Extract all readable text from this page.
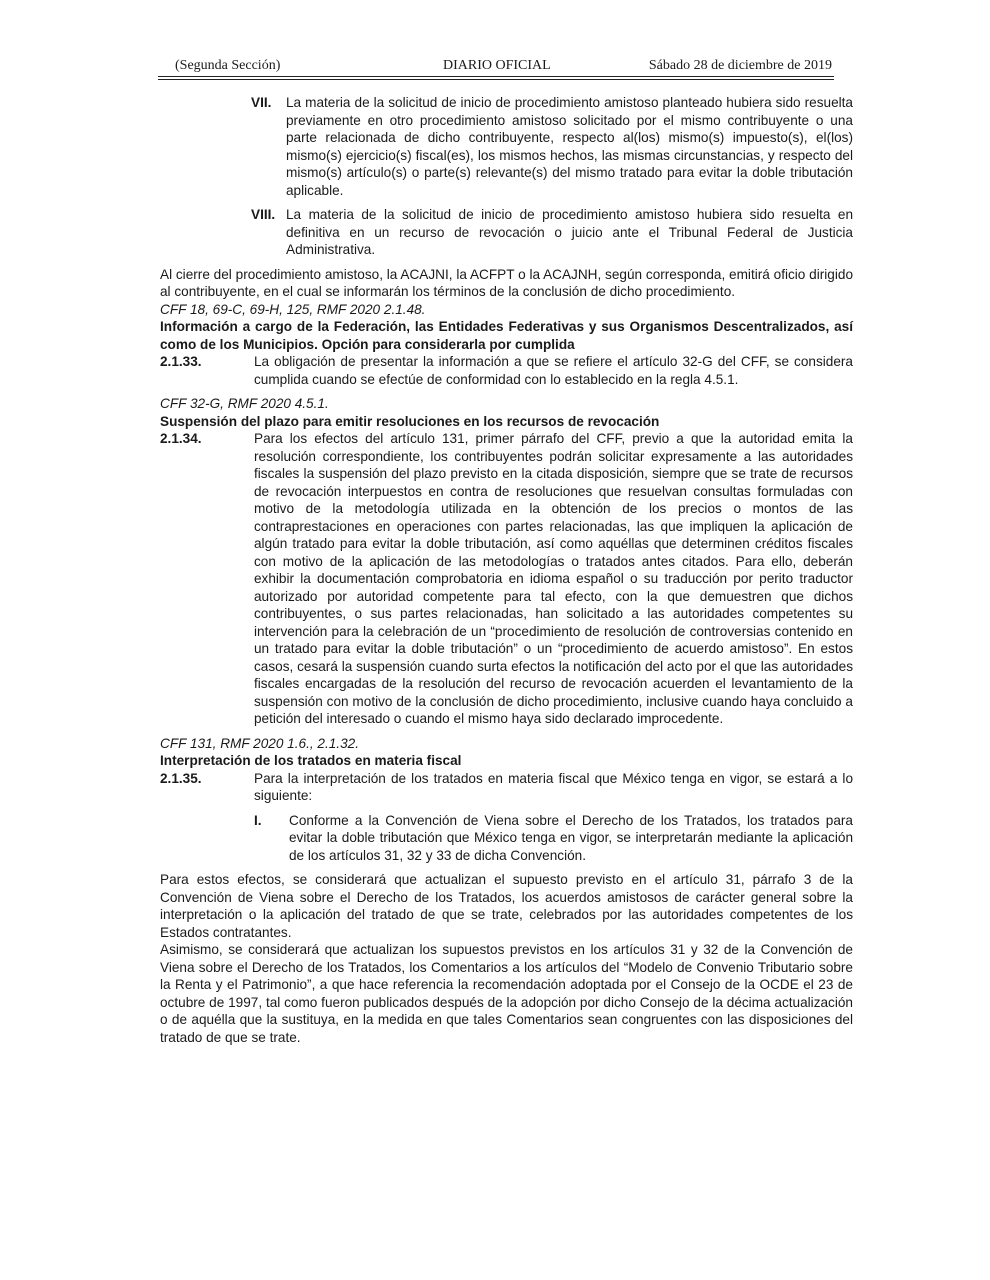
(Segunda Sección)	DIARIO OFICIAL	Sábado 28 de diciembre de 2019
VII.	La materia de la solicitud de inicio de procedimiento amistoso planteado hubiera sido resuelta previamente en otro procedimiento amistoso solicitado por el mismo contribuyente o una parte relacionada de dicho contribuyente, respecto al(los) mismo(s) impuesto(s), el(los) mismo(s) ejercicio(s) fiscal(es), los mismos hechos, las mismas circunstancias, y respecto del mismo(s) artículo(s) o parte(s) relevante(s) del mismo tratado para evitar la doble tributación aplicable.

VIII. La materia de la solicitud de inicio de procedimiento amistoso hubiera sido resuelta en definitiva en un recurso de revocación o juicio ante el Tribunal Federal de Justicia Administrativa.

Al cierre del procedimiento amistoso, la ACAJNI, la ACFPT o la ACAJNH, según corresponda, emitirá oficio dirigido al contribuyente, en el cual se informarán los términos de la conclusión de dicho procedimiento.

CFF 18, 69-C, 69-H, 125, RMF 2020 2.1.48.

Información a cargo de la Federación, las Entidades Federativas y sus Organismos Descentralizados, así como de los Municipios. Opción para considerarla por cumplida

2.1.33.	La obligación de presentar la información a que se refiere el artículo 32-G del CFF, se considera cumplida cuando se efectúe de conformidad con lo establecido en la regla 4.5.1.

CFF 32-G, RMF 2020 4.5.1.

Suspensión del plazo para emitir resoluciones en los recursos de revocación

2.1.34.	Para los efectos del artículo 131, primer párrafo del CFF, previo a que la autoridad emita la resolución correspondiente, los contribuyentes podrán solicitar expresamente a las autoridades fiscales la suspensión del plazo previsto en la citada disposición, siempre que se trate de recursos de revocación interpuestos en contra de resoluciones que resuelvan consultas formuladas con motivo de la metodología utilizada en la obtención de los precios o montos de las contraprestaciones en operaciones con partes relacionadas, las que impliquen la aplicación de algún tratado para evitar la doble tributación, así como aquéllas que determinen créditos fiscales con motivo de la aplicación de las metodologías o tratados antes citados. Para ello, deberán exhibir la documentación comprobatoria en idioma español o su traducción por perito traductor autorizado por autoridad competente para tal efecto, con la que demuestren que dichos contribuyentes, o sus partes relacionadas, han solicitado a las autoridades competentes su intervención para la celebración de un “procedimiento de resolución de controversias contenido en un tratado para evitar la doble tributación” o un “procedimiento de acuerdo amistoso”. En estos casos, cesará la suspensión cuando surta efectos la notificación del acto por el que las autoridades fiscales encargadas de la resolución del recurso de revocación acuerden el levantamiento de la suspensión con motivo de la conclusión de dicho procedimiento, inclusive cuando haya concluido a petición del interesado o cuando el mismo haya sido declarado improcedente.

CFF 131, RMF 2020 1.6., 2.1.32.

Interpretación de los tratados en materia fiscal

2.1.35.	Para la interpretación de los tratados en materia fiscal que México tenga en vigor, se estará a lo siguiente:

I.	Conforme a la Convención de Viena sobre el Derecho de los Tratados, los tratados para evitar la doble tributación que México tenga en vigor, se interpretarán mediante la aplicación de los artículos 31, 32 y 33 de dicha Convención.

Para estos efectos, se considerará que actualizan el supuesto previsto en el artículo 31, párrafo 3 de la Convención de Viena sobre el Derecho de los Tratados, los acuerdos amistosos de carácter general sobre la interpretación o la aplicación del tratado de que se trate, celebrados por las autoridades competentes de los Estados contratantes.

Asimismo, se considerará que actualizan los supuestos previstos en los artículos 31 y 32 de la Convención de Viena sobre el Derecho de los Tratados, los Comentarios a los artículos del “Modelo de Convenio Tributario sobre la Renta y el Patrimonio”, a que hace referencia la recomendación adoptada por el Consejo de la OCDE el 23 de octubre de 1997, tal como fueron publicados después de la adopción por dicho Consejo de la décima actualización o de aquélla que la sustituya, en la medida en que tales Comentarios sean congruentes con las disposiciones del tratado de que se trate.
